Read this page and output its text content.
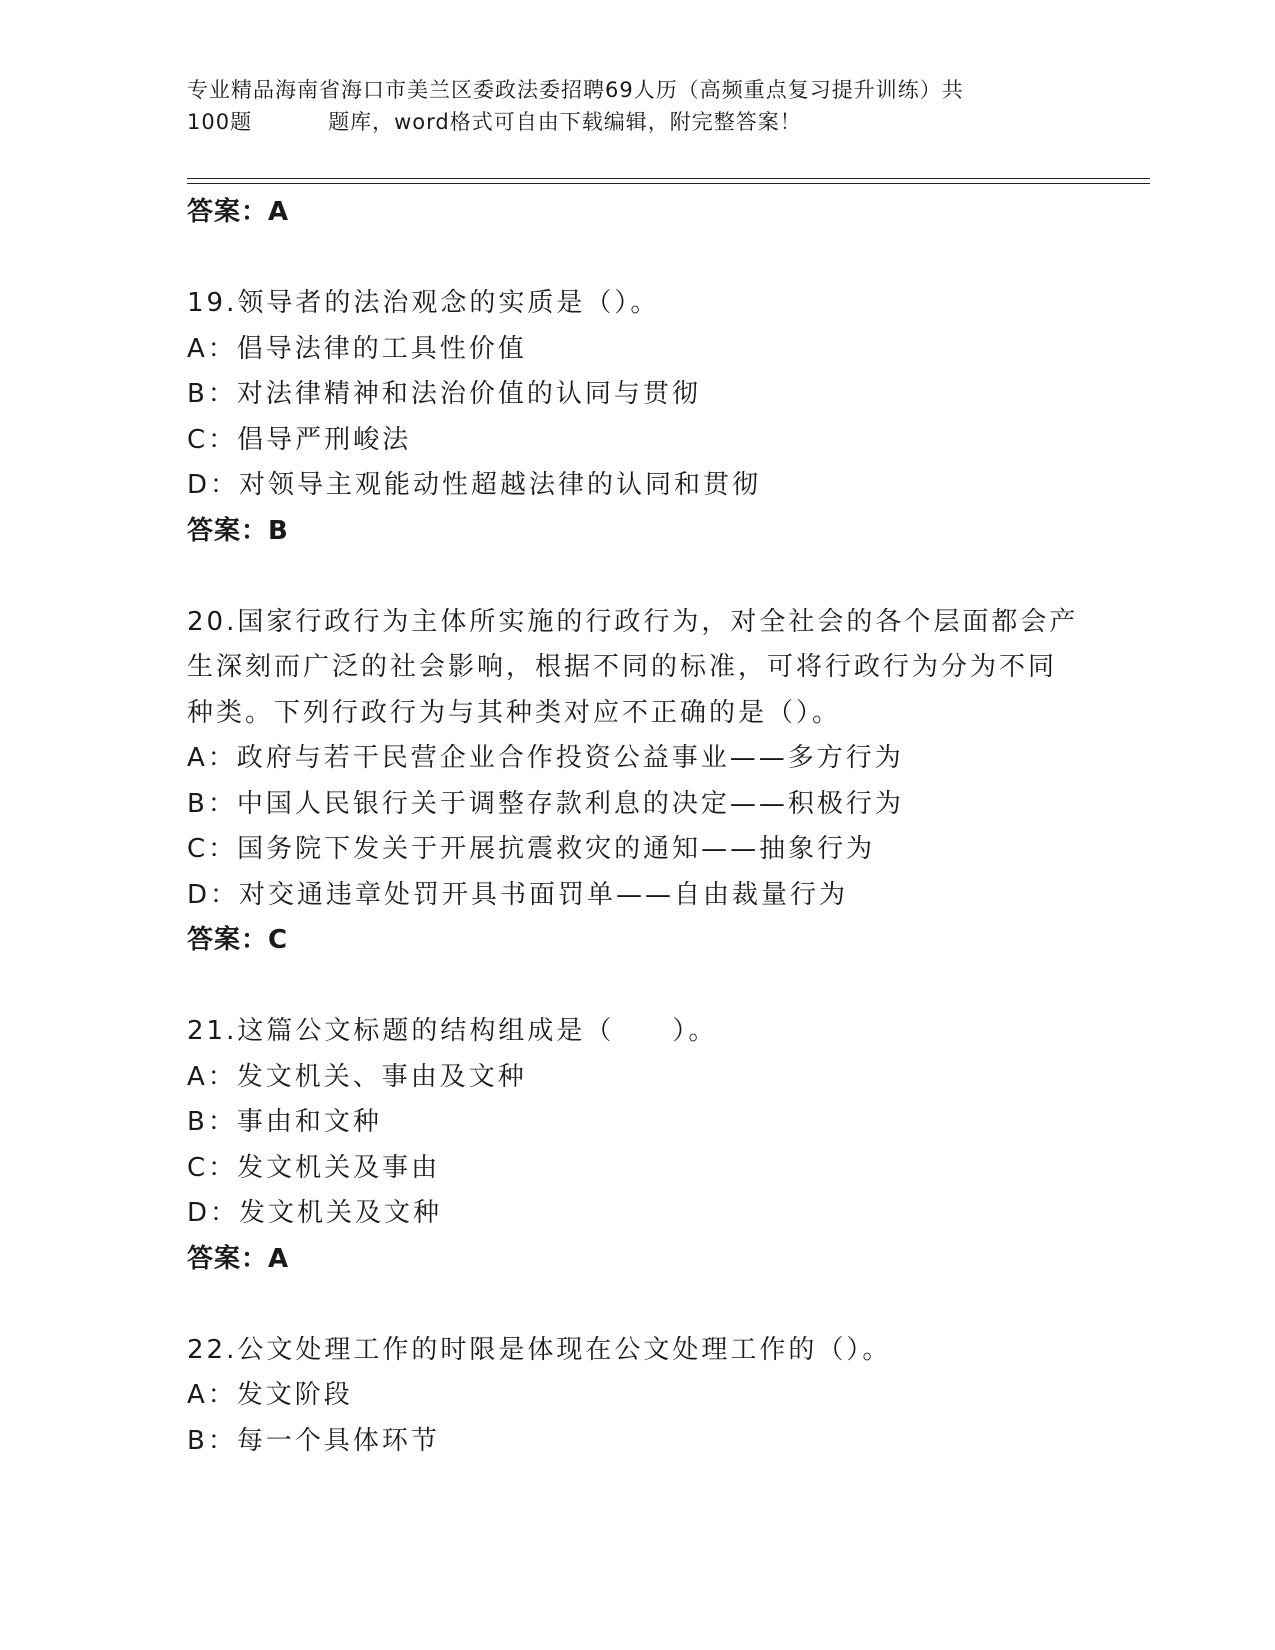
专业精品海南省海口市美兰区委政法委招聘69人历（高频重点复习提升训练）共
100题	题库，word格式可自由下载编辑，附完整答案！
答案：A
19.领导者的法治观念的实质是（）。
A：倡导法律的工具性价值
B：对法律精神和法治价值的认同与贯彻
C：倡导严刑峻法
D：对领导主观能动性超越法律的认同和贯彻
答案：B
20.国家行政行为主体所实施的行政行为，对全社会的各个层面都会产
生深刻而广泛的社会影响，根据不同的标准，可将行政行为分为不同
种类。下列行政行为与其种类对应不正确的是（）。
A：政府与若干民营企业合作投资公益事业——多方行为
B：中国人民银行关于调整存款利息的决定——积极行为
C：国务院下发关于开展抗震救灾的通知——抽象行为
D：对交通违章处罚开具书面罚单——自由裁量行为
答案：C
21.这篇公文标题的结构组成是（　　）。
A：发文机关、事由及文种
B：事由和文种
C：发文机关及事由
D：发文机关及文种
答案：A
22.公文处理工作的时限是体现在公文处理工作的（）。
A：发文阶段
B：每一个具体环节
